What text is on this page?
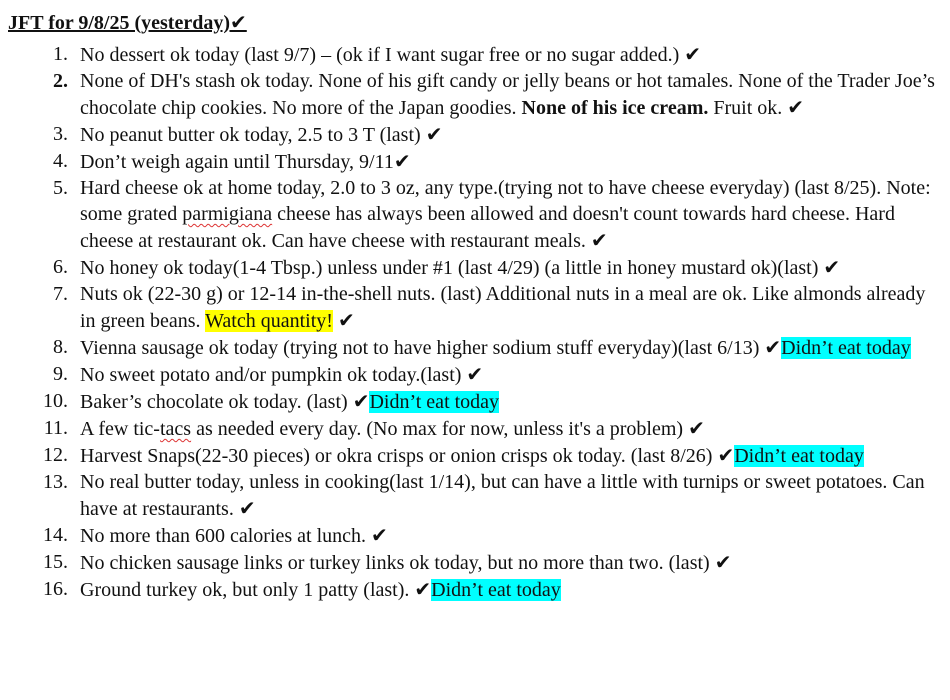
JFT for 9/8/25 (yesterday)✔
1. No dessert ok today (last 9/7) – (ok if I want sugar free or no sugar added.) ✔
2. None of DH's stash ok today. None of his gift candy or jelly beans or hot tamales. None of the Trader Joe’s chocolate chip cookies. No more of the Japan goodies. None of his ice cream. Fruit ok. ✔
3. No peanut butter ok today, 2.5 to 3 T (last) ✔
4. Don’t weigh again until Thursday, 9/11✔
5. Hard cheese ok at home today, 2.0 to 3 oz, any type.(trying not to have cheese everyday) (last 8/25). Note: some grated parmigiana cheese has always been allowed and doesn't count towards hard cheese. Hard cheese at restaurant ok. Can have cheese with restaurant meals. ✔
6. No honey ok today(1-4 Tbsp.) unless under #1 (last 4/29) (a little in honey mustard ok)(last) ✔
7. Nuts ok (22-30 g) or 12-14 in-the-shell nuts. (last) Additional nuts in a meal are ok. Like almonds already in green beans. Watch quantity! ✔
8. Vienna sausage ok today (trying not to have higher sodium stuff everyday)(last 6/13) ✔Didn’t eat today
9. No sweet potato and/or pumpkin ok today.(last) ✔
10. Baker’s chocolate ok today. (last) ✔Didn’t eat today
11. A few tic-tacs as needed every day. (No max for now, unless it's a problem) ✔
12. Harvest Snaps(22-30 pieces) or okra crisps or onion crisps ok today. (last 8/26) ✔Didn’t eat today
13. No real butter today, unless in cooking(last 1/14), but can have a little with turnips or sweet potatoes. Can have at restaurants. ✔
14. No more than 600 calories at lunch. ✔
15. No chicken sausage links or turkey links ok today, but no more than two. (last) ✔
16. Ground turkey ok, but only 1 patty (last). ✔Didn’t eat today
